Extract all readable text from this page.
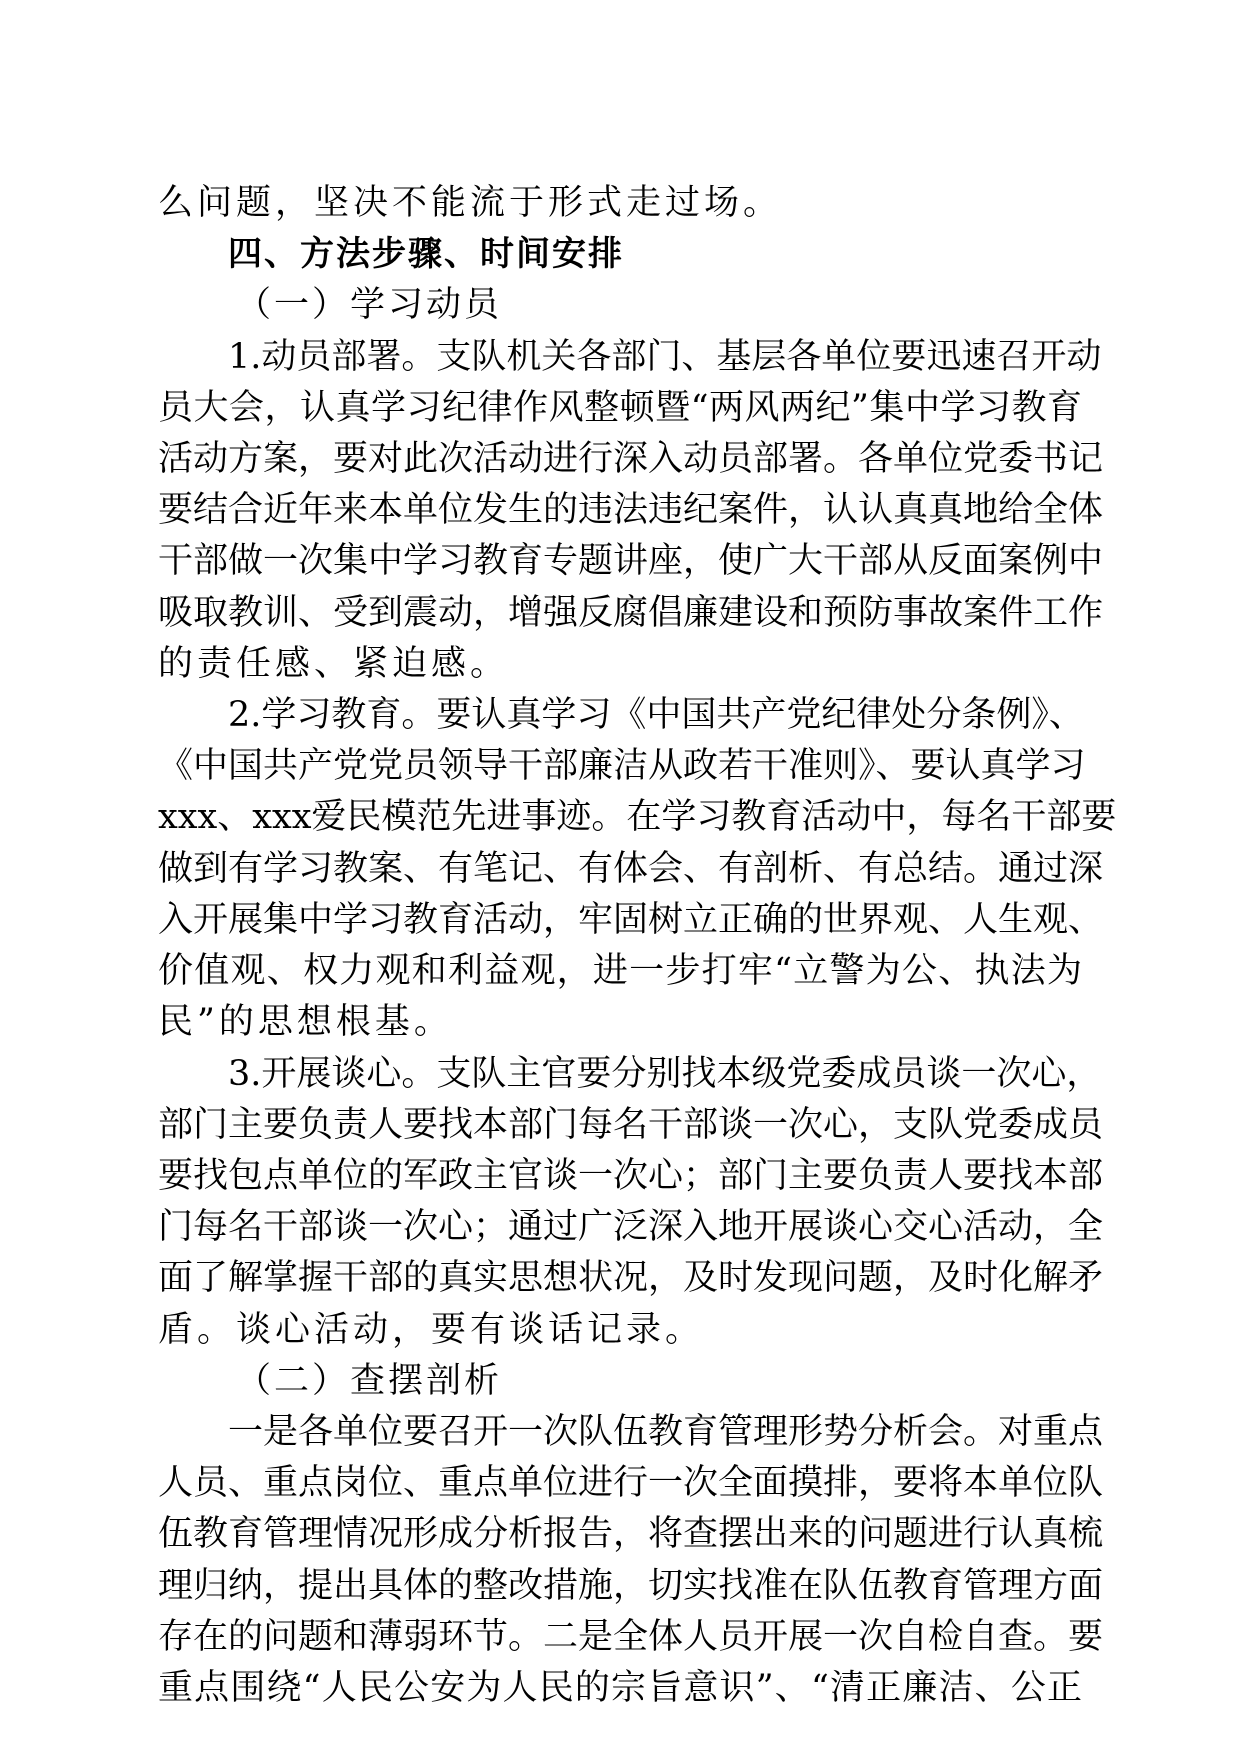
么问题，坚决不能流于形式走过场。
四、方法步骤、时间安排
（一）学习动员
1.动员部署。支队机关各部门、基层各单位要迅速召开动
员大会，认真学习纪律作风整顿暨“两风两纪”集中学习教育
活动方案，要对此次活动进行深入动员部署。各单位党委书记
要结合近年来本单位发生的违法违纪案件，认认真真地给全体
干部做一次集中学习教育专题讲座，使广大干部从反面案例中
吸取教训、受到震动，增强反腐倡廉建设和预防事故案件工作
的责任感、紧迫感。
2.学习教育。要认真学习《中国共产党纪律处分条例》、
《中国共产党党员领导干部廉洁从政若干准则》、要认真学习
xxx、xxx爱民模范先进事迹。在学习教育活动中，每名干部要
做到有学习教案、有笔记、有体会、有剖析、有总结。通过深
入开展集中学习教育活动，牢固树立正确的世界观、人生观、
价值观、权力观和利益观，进一步打牢“立警为公、执法为
民”的思想根基。
3.开展谈心。支队主官要分别找本级党委成员谈一次心，
部门主要负责人要找本部门每名干部谈一次心，支队党委成员
要找包点单位的军政主官谈一次心；部门主要负责人要找本部
门每名干部谈一次心；通过广泛深入地开展谈心交心活动，全
面了解掌握干部的真实思想状况，及时发现问题，及时化解矛
盾。谈心活动，要有谈话记录。
（二）查摆剖析
一是各单位要召开一次队伍教育管理形势分析会。对重点
人员、重点岗位、重点单位进行一次全面摸排，要将本单位队
伍教育管理情况形成分析报告，将查摆出来的问题进行认真梳
理归纳，提出具体的整改措施，切实找准在队伍教育管理方面
存在的问题和薄弱环节。二是全体人员开展一次自检自查。要
重点围绕“人民公安为人民的宗旨意识”、“清正廉洁、公正
